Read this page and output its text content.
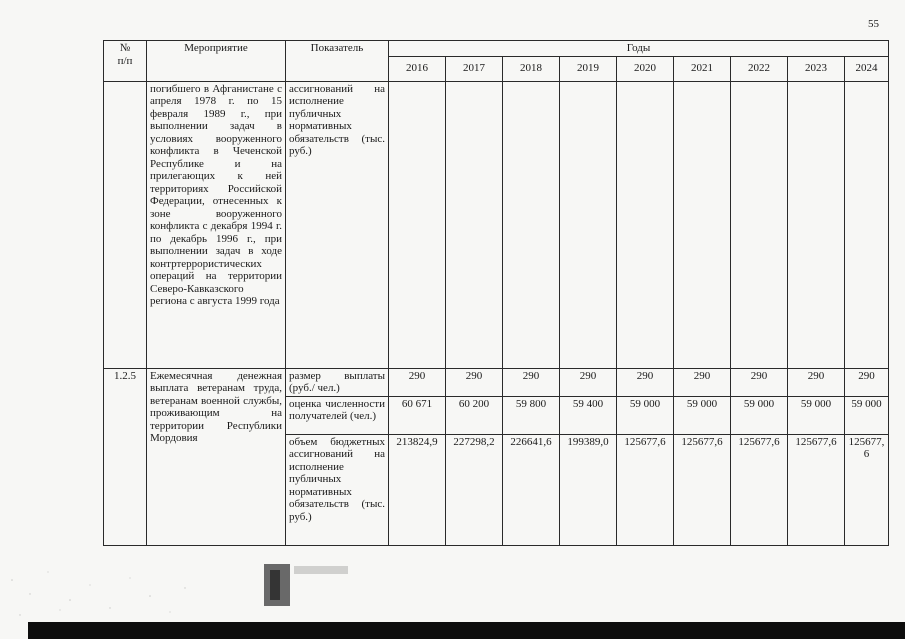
55
№
п/п	Мероприятие	Показатель	Годы								
			2016	2017	2018	2019	2020	2021	2022	2023	2024
	погибшего в Афганистане с апреля 1978 г. по 15 февраля 1989 г., при выполнении задач в условиях вооруженного конфликта в Чеченской Республике и на прилегающих к ней территориях Российской Федерации, отнесенных к зоне вооруженного конфликта с декабря 1994 г. по декабрь 1996 г., при выполнении задач в ходе контртеррористических операций на территории Северо-Кавказского региона с августа 1999 года	ассигнований на исполнение публичных нормативных обязательств (тыс. руб.)									
1.2.5	Ежемесячная денежная выплата ветеранам труда, ветеранам военной службы, проживающим на территории Республики Мордовия	размер выплаты (руб./ чел.)	290	290	290	290	290	290	290	290	290
		оценка численности получателей (чел.)	60 671	60 200	59 800	59 400	59 000	59 000	59 000	59 000	59 000
		объем бюджетных ассигнований на исполнение публичных нормативных обязательств (тыс. руб.)	213824,9	227298,2	226641,6	199389,0	125677,6	125677,6	125677,6	125677,6	125677,6
